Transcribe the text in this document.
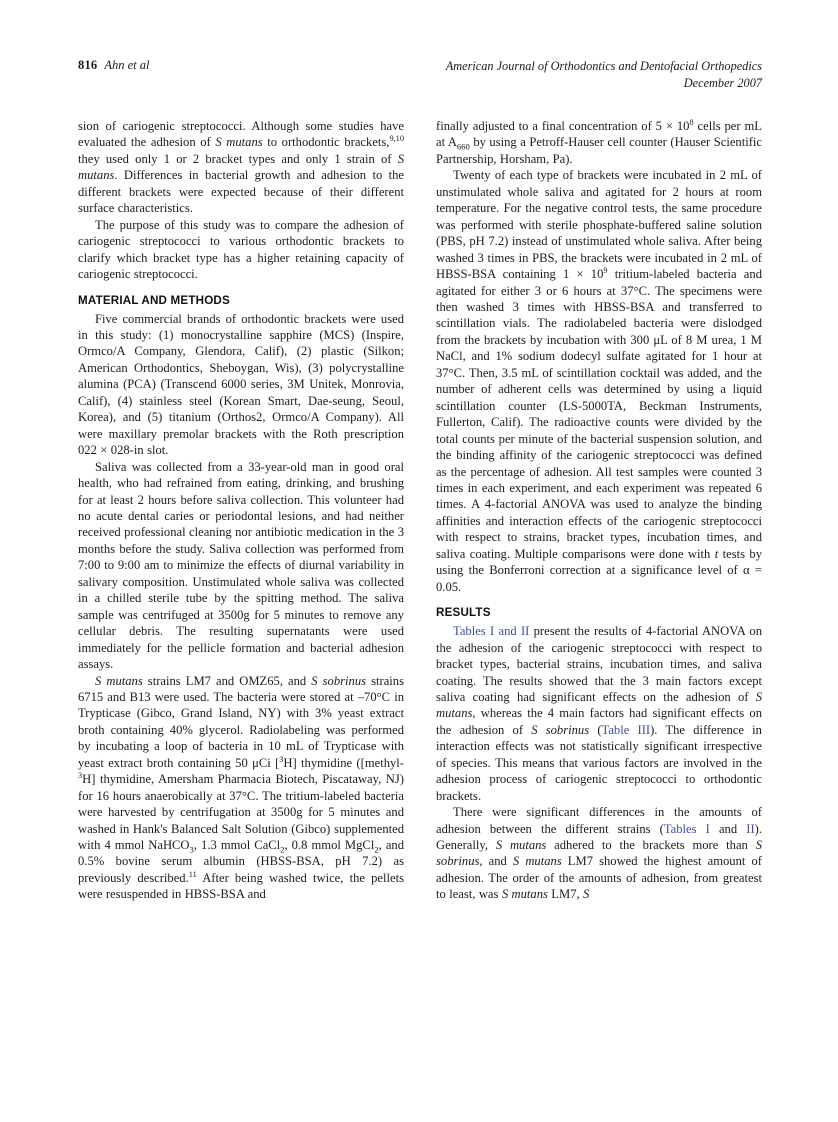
816 Ahn et al	American Journal of Orthodontics and Dentofacial Orthopedics
December 2007

sion of cariogenic streptococci. Although some studies have evaluated the adhesion of S mutans to orthodontic brackets,$^{9,10}$ they used only 1 or 2 bracket types and only 1 strain of S mutans. Differences in bacterial growth and adhesion to the different brackets were expected because of their different surface characteristics.

The purpose of this study was to compare the adhesion of cariogenic streptococci to various orthodontic brackets to clarify which bracket type has a higher retaining capacity of cariogenic streptococci.

MATERIAL AND METHODS

Five commercial brands of orthodontic brackets were used in this study: (1) monocrystalline sapphire (MCS) (Inspire, Ormco/A Company, Glendora, Calif), (2) plastic (Silkon; American Orthodontics, Sheboygan, Wis), (3) polycrystalline alumina (PCA) (Transcend 6000 series, 3M Unitek, Monrovia, Calif), (4) stainless steel (Korean Smart, Dae-seung, Seoul, Korea), and (5) titanium (Orthos2, Ormco/A Company). All were maxillary premolar brackets with the Roth prescription 022 × 028-in slot.

Saliva was collected from a 33-year-old man in good oral health, who had refrained from eating, drinking, and brushing for at least 2 hours before saliva collection. This volunteer had no acute dental caries or periodontal lesions, and had neither received professional cleaning nor antibiotic medication in the 3 months before the study. Saliva collection was performed from 7:00 to 9:00 am to minimize the effects of diurnal variability in salivary composition. Unstimulated whole saliva was collected in a chilled sterile tube by the spitting method. The saliva sample was centrifuged at 3500g for 5 minutes to remove any cellular debris. The resulting supernatants were used immediately for the pellicle formation and bacterial adhesion assays.

S mutans strains LM7 and OMZ65, and S sobrinus strains 6715 and B13 were used. The bacteria were stored at –70°C in Trypticase (Gibco, Grand Island, NY) with 3% yeast extract broth containing 40% glycerol. Radiolabeling was performed by incubating a loop of bacteria in 10 mL of Trypticase with yeast extract broth containing 50 μCi [$^3$H] thymidine ([methyl-$^3$H] thymidine, Amersham Pharmacia Biotech, Piscataway, NJ) for 16 hours anaerobically at 37°C. The tritium-labeled bacteria were harvested by centrifugation at 3500g for 5 minutes and washed in Hank's Balanced Salt Solution (Gibco) supplemented with 4 mmol NaHCO$_3$, 1.3 mmol CaCl$_2$, 0.8 mmol MgCl$_2$, and 0.5% bovine serum albumin (HBSS-BSA, pH 7.2) as previously described.$^{11}$ After being washed twice, the pellets were resuspended in HBSS-BSA and

finally adjusted to a final concentration of 5 × 10$^8$ cells per mL at $A_{660}$ by using a Petroff-Hauser cell counter (Hauser Scientific Partnership, Horsham, Pa).

Twenty of each type of brackets were incubated in 2 mL of unstimulated whole saliva and agitated for 2 hours at room temperature. For the negative control tests, the same procedure was performed with sterile phosphate-buffered saline solution (PBS, pH 7.2) instead of unstimulated whole saliva. After being washed 3 times in PBS, the brackets were incubated in 2 mL of HBSS-BSA containing 1 × 10$^9$ tritium-labeled bacteria and agitated for either 3 or 6 hours at 37°C. The specimens were then washed 3 times with HBSS-BSA and transferred to scintillation vials. The radiolabeled bacteria were dislodged from the brackets by incubation with 300 μL of 8 M urea, 1 M NaCl, and 1% sodium dodecyl sulfate agitated for 1 hour at 37°C. Then, 3.5 mL of scintillation cocktail was added, and the number of adherent cells was determined by using a liquid scintillation counter (LS-5000TA, Beckman Instruments, Fullerton, Calif). The radioactive counts were divided by the total counts per minute of the bacterial suspension solution, and the binding affinity of the cariogenic streptococci was defined as the percentage of adhesion. All test samples were counted 3 times in each experiment, and each experiment was repeated 6 times. A 4-factorial ANOVA was used to analyze the binding affinities and interaction effects of the cariogenic streptococci with respect to strains, bracket types, incubation times, and saliva coating. Multiple comparisons were done with t tests by using the Bonferroni correction at a significance level of α = 0.05.

RESULTS

Tables I and II present the results of 4-factorial ANOVA on the adhesion of the cariogenic streptococci with respect to bracket types, bacterial strains, incubation times, and saliva coating. The results showed that the 3 main factors except saliva coating had significant effects on the adhesion of S mutans, whereas the 4 main factors had significant effects on the adhesion of S sobrinus (Table III). The difference in interaction effects was not statistically significant irrespective of species. This means that various factors are involved in the adhesion process of cariogenic streptococci to orthodontic brackets.

There were significant differences in the amounts of adhesion between the different strains (Tables I and II). Generally, S mutans adhered to the brackets more than S sobrinus, and S mutans LM7 showed the highest amount of adhesion. The order of the amounts of adhesion, from greatest to least, was S mutans LM7, S
